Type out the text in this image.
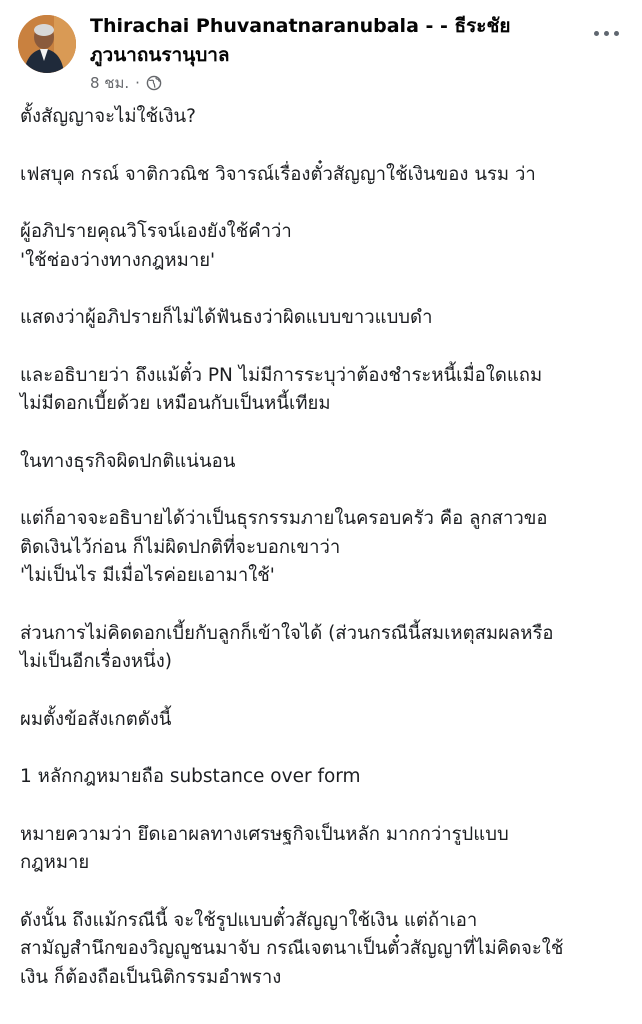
Thirachai Phuvanatnaranubala - - ธีระชัย ภูวนาถนรานุบาล
8 ชม. ·

ตั้งสัญญาจะไม่ใช้เงิน?

เฟสบุค กรณ์ จาติกวณิช วิจารณ์เรื่องตั๋วสัญญาใช้เงินของ นรม ว่า

ผู้อภิปรายคุณวิโรจน์เองยังใช้คำว่า
'ใช้ช่องว่างทางกฎหมาย'

แสดงว่าผู้อภิปรายก็ไม่ได้ฟันธงว่าผิดแบบขาวแบบดำ

และอธิบายว่า ถึงแม้ตั๋ว PN ไม่มีการระบุว่าต้องชำระหนี้เมื่อใดแถม
ไม่มีดอกเบี้ยด้วย เหมือนกับเป็นหนี้เทียม

ในทางธุรกิจผิดปกติแน่นอน

แต่ก็อาจจะอธิบายได้ว่าเป็นธุรกรรมภายในครอบครัว คือ ลูกสาวขอ
ติดเงินไว้ก่อน ก็ไม่ผิดปกติที่จะบอกเขาว่า
'ไม่เป็นไร มีเมื่อไรค่อยเอามาใช้'

ส่วนการไม่คิดดอกเบี้ยกับลูกก็เข้าใจได้ (ส่วนกรณีนี้สมเหตุสมผลหรือ
ไม่เป็นอีกเรื่องหนึ่ง)

ผมตั้งข้อสังเกตดังนี้

1 หลักกฎหมายถือ substance over form

หมายความว่า ยึดเอาผลทางเศรษฐกิจเป็นหลัก มากกว่ารูปแบบ
กฎหมาย

ดังนั้น ถึงแม้กรณีนี้ จะใช้รูปแบบตั๋วสัญญาใช้เงิน แต่ถ้าเอา
สามัญสำนึกของวิญญูชนมาจับ กรณีเจตนาเป็นตั๋วสัญญาที่ไม่คิดจะใช้
เงิน ก็ต้องถือเป็นนิติกรรมอำพราง
